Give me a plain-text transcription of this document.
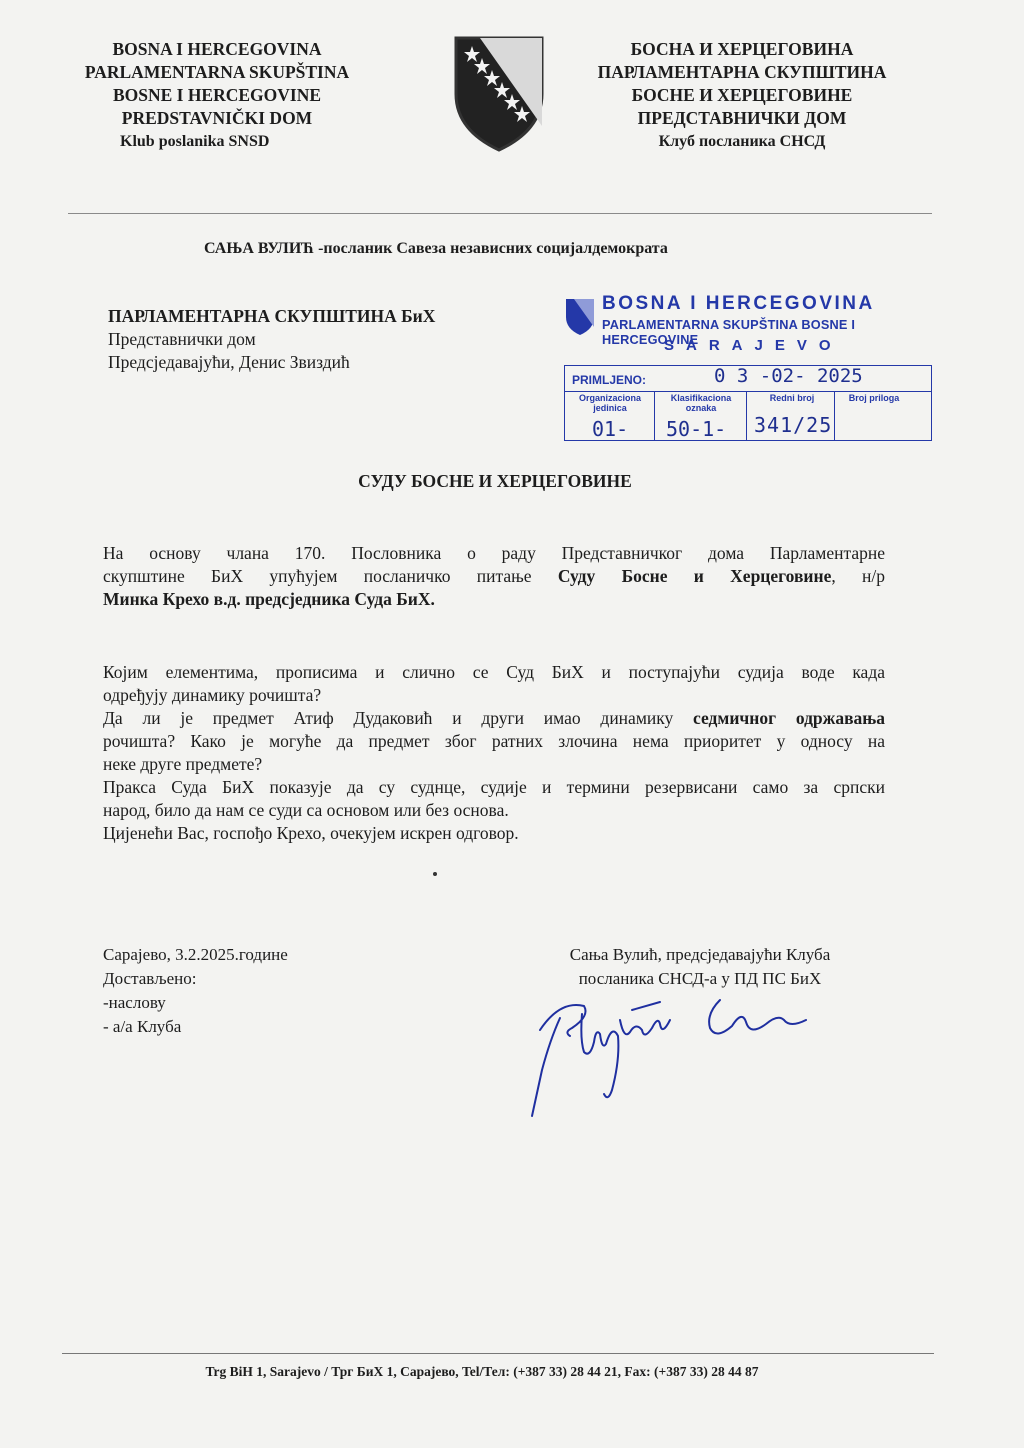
BOSNA I HERCEGOVINA
PARLAMENTARNA SKUPŠTINA
BOSNE I HERCEGOVINE
PREDSTAVNIČKI DOM
Klub poslanika SNSD
БОСНА И ХЕРЦЕГОВИНА
ПАРЛАМЕНТАРНА СКУПШТИНА
БОСНЕ И ХЕРЦЕГОВИНЕ
ПРЕДСТАВНИЧКИ ДОМ
Клуб посланика СНСД
САЊА ВУЛИЋ -посланик Савеза независних социјалдемократа
ПАРЛАМЕНТАРНА СКУПШТИНА БиХ
Представнички дом
Предсједавајући, Денис Звиздић
BOSNA I HERCEGOVINA
PARLAMENTARNA SKUPŠTINA BOSNE I HERCEGOVINE
SARAJEVO
PRIMLJENO:	0 3 -02- 2025
Organizaciona jedinica
Klasifikaciona oznaka
Redni broj	Broj priloga
01- 50-1- 341/25
СУДУ БОСНЕ И ХЕРЦЕГОВИНЕ
На основу члана 170. Пословника о раду Представничког дома Парламентарне
скупштине БиХ упућујем посланичко питање Суду Босне и Херцеговине, н/р
Минка Крехо в.д. предсједника Суда БиХ.
Којим елементима, прописима и слично се Суд БиХ и поступајући судија воде када
одређују динамику рочишта?
Да ли је предмет Атиф Дудаковић и други имао динамику седмичног одржавања
рочишта? Како је могуће да предмет због ратних злочина нема приоритет у односу на
неке друге предмете?
Пракса Суда БиХ показује да су суднце, судије и термини резервисани само за српски
народ, било да нам се суди са основом или без основа.
Цијенећи Вас, госпођо Крехо, очекујем искрен одговор.
Сарајево, 3.2.2025.године
Достављено:
-наслову
- а/а Клуба
Сања Вулић, предсједавајући Клуба
посланика СНСД-а у ПД ПС БиХ
Trg BiH 1, Sarajevo / Трг БиХ 1, Сарајево, Tel/Тел: (+387 33) 28 44 21, Fax: (+387 33) 28 44 87
